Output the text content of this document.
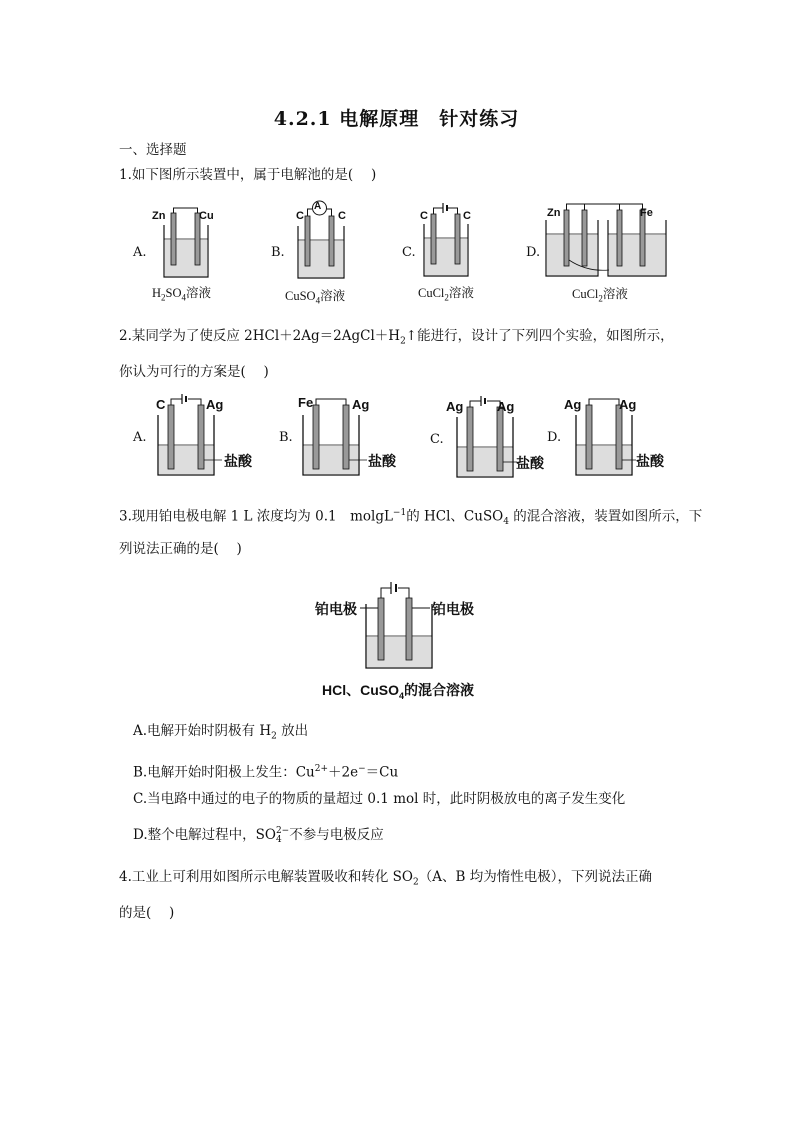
4.2.1 电解原理　针对练习
一、选择题
1.如下图所示装置中，属于电解池的是(　 )
A.
Zn	Cu
$H_2SO_4$溶液
B.
A
C	C
CuSO$_4$溶液
C.
C	C
CuCl$_2$溶液
D.
Zn	Fe
CuCl$_2$溶液
2.某同学为了使反应 $2HCl+2Ag=2AgCl+H_2↑$能进行，设计了下列四个实验，如图所示，
你认为可行的方案是(　 )
A.
C	Ag
盐酸
B.
Fe	Ag
盐酸
C.
Ag	Ag
盐酸
D.
Ag	Ag
盐酸
3.现用铂电极电解 1 L 浓度均为 0.1　molgL$^{-1}$的 HCl、CuSO$_4$ 的混合溶液，装置如图所示，下
列说法正确的是(　 )
铂电极	铂电极
HCl、CuSO$_4$的混合溶液
A.电解开始时阴极有 $H_2$ 放出
B.电解开始时阳极上发生：$Cu^{2+}+2e^-=Cu$
C.当电路中通过的电子的物质的量超过 0.1 mol 时，此时阴极放电的离子发生变化
D.整个电解过程中，SO 2−
4 不参与电极反应
4.工业上可利用如图所示电解装置吸收和转化 $SO_2(A$、B 均为惰性电极），下列说法正确
的是(　 )
